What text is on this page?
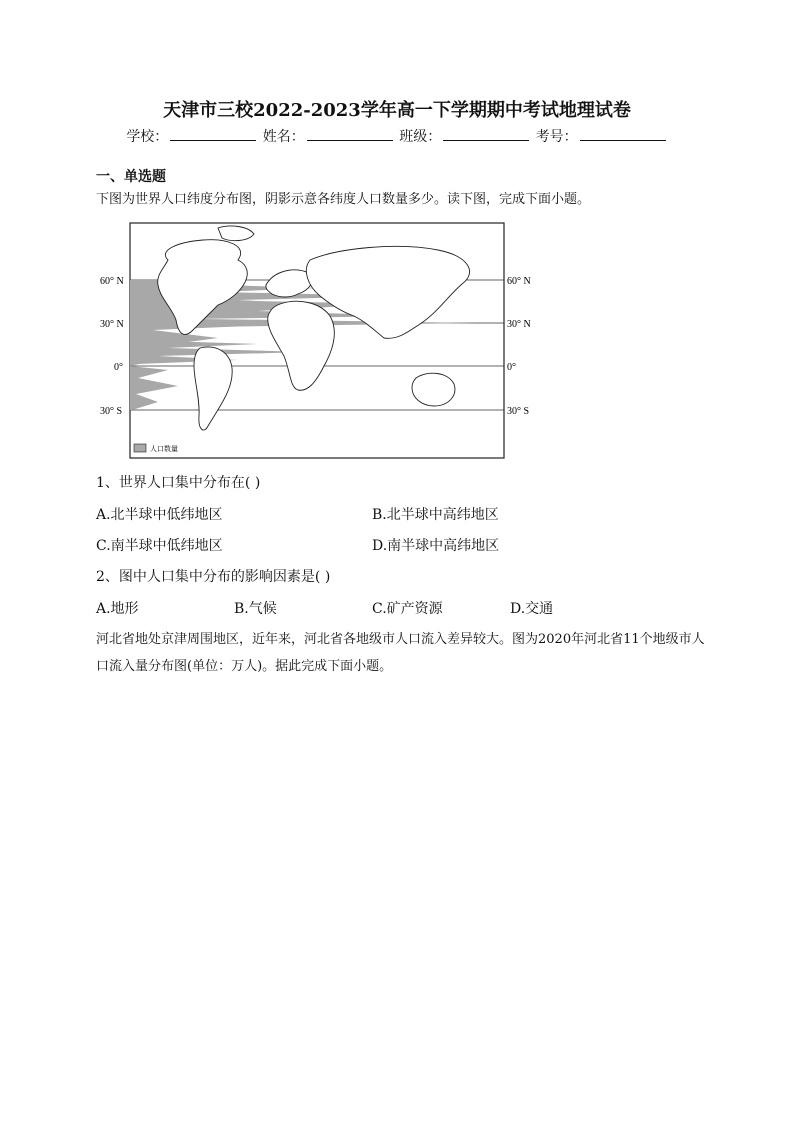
天津市三校2022-2023学年高一下学期期中考试地理试卷
学校：	姓名：	班级：	考号：
一、单选题
下图为世界人口纬度分布图，阴影示意各纬度人口数量多少。读下图，完成下面小题。
60° N
30° N
0°
30° S
60° N
30° N
0°
30° S
人口数量
1、世界人口集中分布在( )
A.北半球中低纬地区	B.北半球中高纬地区
C.南半球中低纬地区	D.南半球中高纬地区
2、图中人口集中分布的影响因素是( )
A.地形	B.气候	C.矿产资源	D.交通
河北省地处京津周围地区，近年来，河北省各地级市人口流入差异较大。图为2020年河北省11个地级市人口流入量分布图(单位：万人)。据此完成下面小题。
